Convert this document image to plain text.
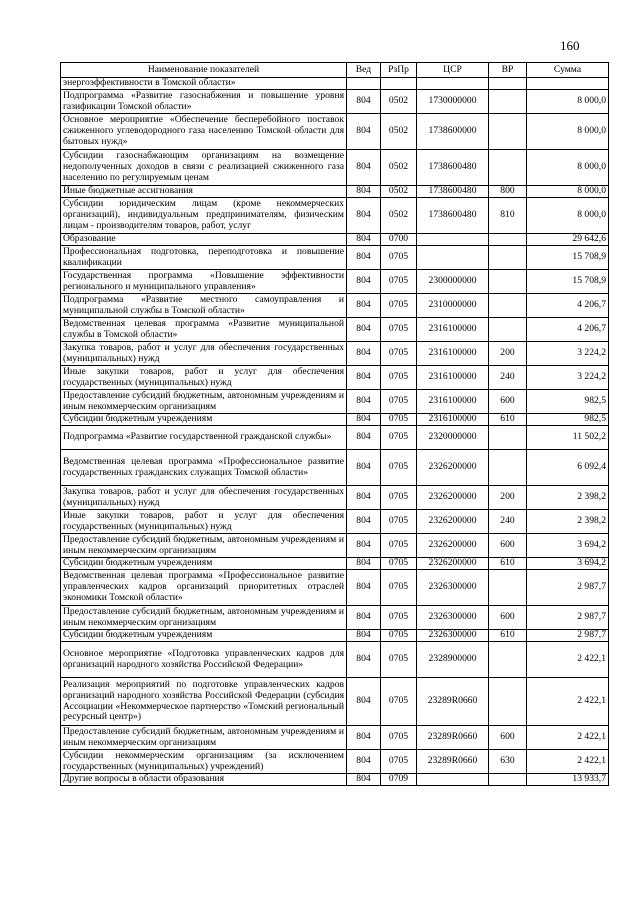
160
Наименование показателей	Вед	РзПр	ЦСР	ВР	Сумма
энергоэффективности в Томской области»					
Подпрограмма «Развитие газоснабжения и повышение уровня газификации Томской области»	804	0502	1730000000		8 000,0
Основное мероприятие «Обеспечение бесперебойного поставок сжиженного углеводородного газа населению Томской области для бытовых нужд»	804	0502	1738600000		8 000,0
Субсидии газоснабжающим организациям на возмещение недополученных доходов в связи с реализацией сжиженного газа населению по регулируемым ценам	804	0502	1738600480		8 000,0
Иные бюджетные ассигнования	804	0502	1738600480	800	8 000,0
Субсидии юридическим лицам (кроме некоммерческих организаций), индивидуальным предпринимателям, физическим лицам - производителям товаров, работ, услуг	804	0502	1738600480	810	8 000,0
Образование	804	0700			29 642,6
Профессиональная подготовка, переподготовка и повышение квалификации	804	0705			15 708,9
Государственная программа «Повышение эффективности регионального и муниципального управления»	804	0705	2300000000		15 708,9
Подпрограмма «Развитие местного самоуправления и муниципальной службы в Томской области»	804	0705	2310000000		4 206,7
Ведомственная целевая программа «Развитие муниципальной службы в Томской области»	804	0705	2316100000		4 206,7
Закупка товаров, работ и услуг для обеспечения государственных (муниципальных) нужд	804	0705	2316100000	200	3 224,2
Иные закупки товаров, работ и услуг для обеспечения государственных (муниципальных) нужд	804	0705	2316100000	240	3 224,2
Предоставление субсидий бюджетным, автономным учреждениям и иным некоммерческим организациям	804	0705	2316100000	600	982,5
Субсидии бюджетным учреждениям	804	0705	2316100000	610	982,5
Подпрограмма «Развитие государственной гражданской службы»	804	0705	2320000000		11 502,2
Ведомственная целевая программа «Профессиональное развитие государственных гражданских служащих Томской области»	804	0705	2326200000		6 092,4
Закупка товаров, работ и услуг для обеспечения государственных (муниципальных) нужд	804	0705	2326200000	200	2 398,2
Иные закупки товаров, работ и услуг для обеспечения государственных (муниципальных) нужд	804	0705	2326200000	240	2 398,2
Предоставление субсидий бюджетным, автономным учреждениям и иным некоммерческим организациям	804	0705	2326200000	600	3 694,2
Субсидии бюджетным учреждениям	804	0705	2326200000	610	3 694,2
Ведомственная целевая программа «Профессиональное развитие управленческих кадров организаций приоритетных отраслей экономики Томской области»	804	0705	2326300000		2 987,7
Предоставление субсидий бюджетным, автономным учреждениям и иным некоммерческим организациям	804	0705	2326300000	600	2 987,7
Субсидии бюджетным учреждениям	804	0705	2326300000	610	2 987,7
Основное мероприятие «Подготовка управленческих кадров для организаций народного хозяйства Российской Федерации»	804	0705	2328900000		2 422,1
Реализация мероприятий по подготовке управленческих кадров организаций народного хозяйства Российской Федерации (субсидия Ассоциации «Некоммерческое партнерство «Томский региональный ресурсный центр»)	804	0705	23289R0660		2 422,1
Предоставление субсидий бюджетным, автономным учреждениям и иным некоммерческим организациям	804	0705	23289R0660	600	2 422,1
Субсидии некоммерческим организациям (за исключением государственных (муниципальных) учреждений)	804	0705	23289R0660	630	2 422,1
Другие вопросы в области образования	804	0709			13 933,7
